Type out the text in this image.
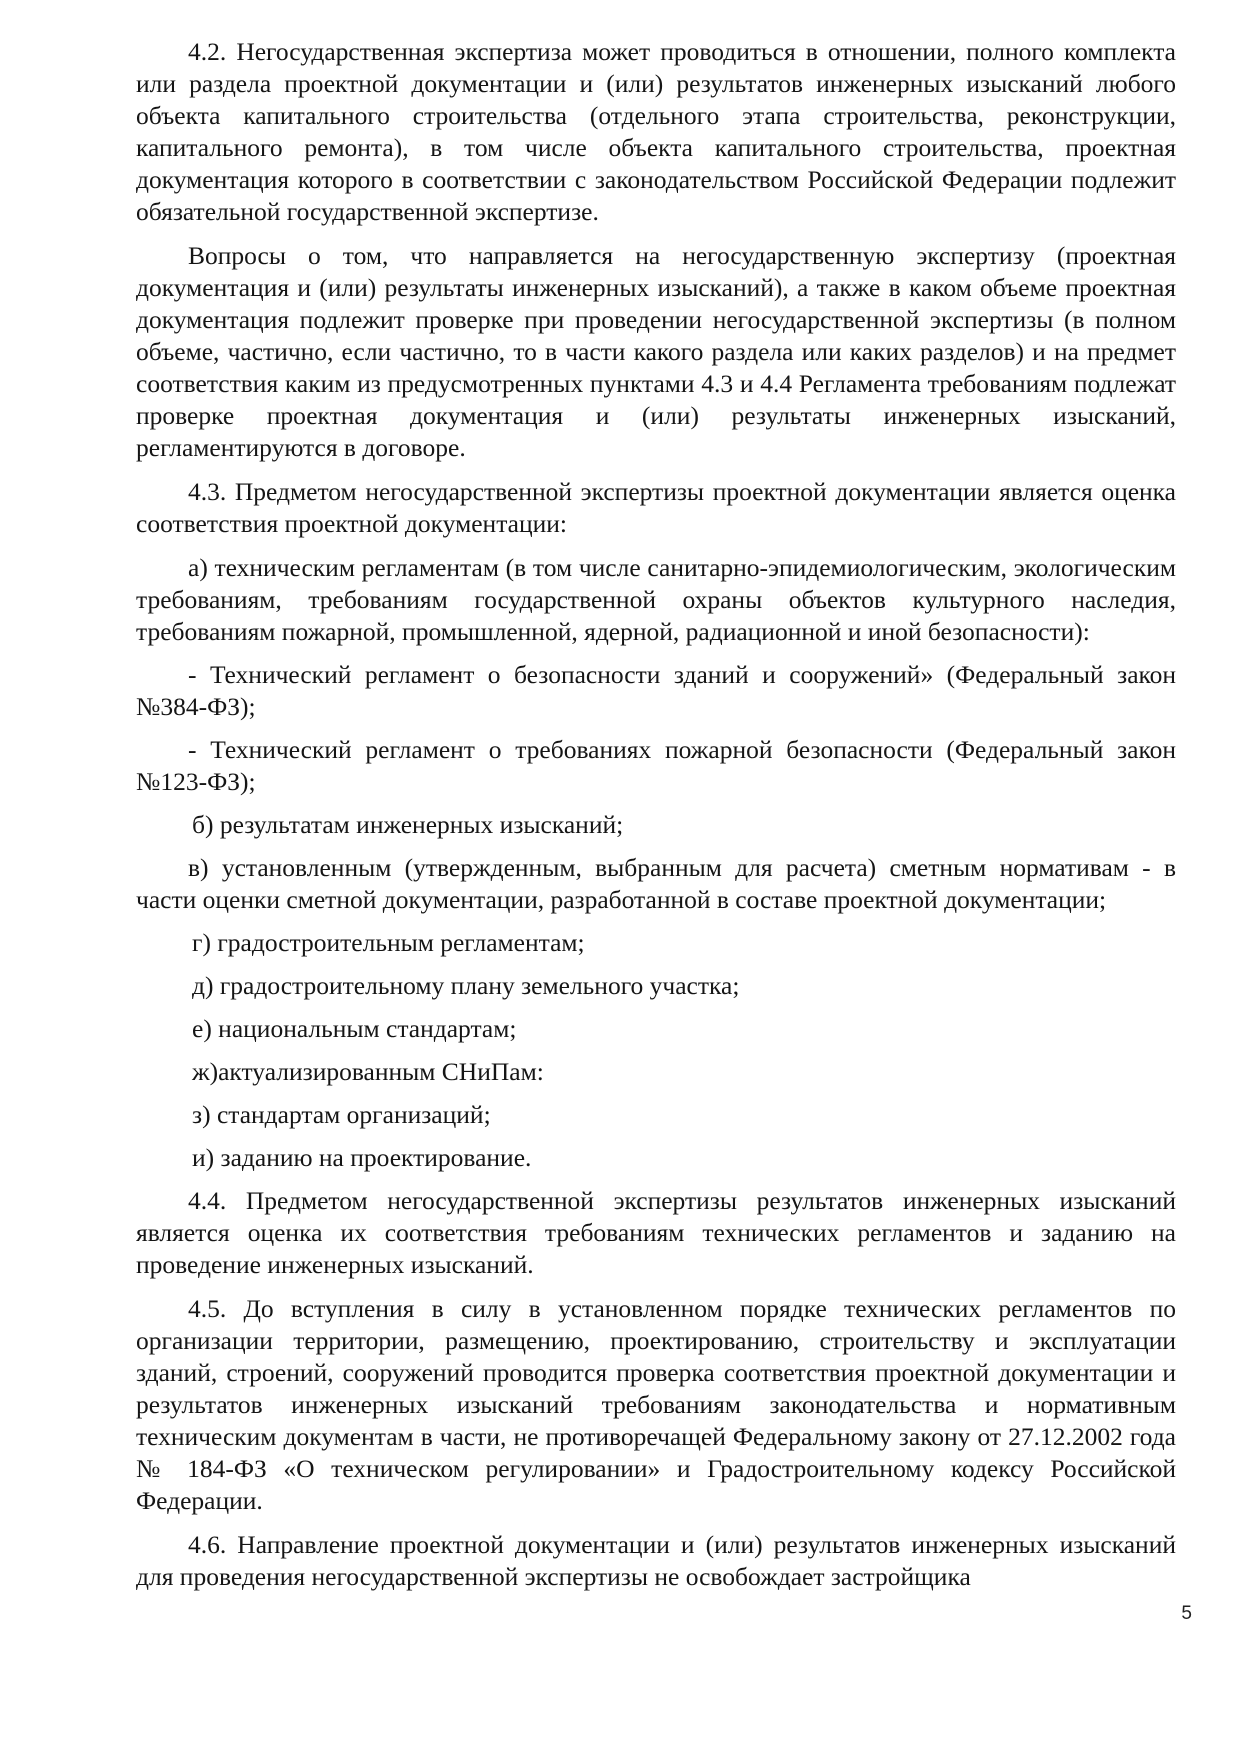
4.2. Негосударственная экспертиза может проводиться в отношении, полного комплекта или раздела проектной документации и (или) результатов инженерных изысканий любого объекта капитального строительства (отдельного этапа строительства, реконструкции, капитального ремонта), в том числе объекта капитального строительства, проектная документация которого в соответствии с законодательством Российской Федерации подлежит обязательной государственной экспертизе.

Вопросы о том, что направляется на негосударственную экспертизу (проектная документация и (или) результаты инженерных изысканий), а также в каком объеме проектная документация подлежит проверке при проведении негосударственной экспертизы (в полном объеме, частично, если частично, то в части какого раздела или каких разделов) и на предмет соответствия каким из предусмотренных пунктами 4.3 и 4.4 Регламента требованиям подлежат проверке проектная документация и (или) результаты инженерных изысканий, регламентируются в договоре.

4.3. Предметом негосударственной экспертизы проектной документации является оценка соответствия проектной документации:

а) техническим регламентам (в том числе санитарно-эпидемиологическим, экологическим требованиям, требованиям государственной охраны объектов культурного наследия, требованиям пожарной, промышленной, ядерной, радиационной и иной безопасности):

- Технический регламент о безопасности зданий и сооружений» (Федеральный закон №384-ФЗ);

- Технический регламент о требованиях пожарной безопасности (Федеральный закон №123-ФЗ);

б) результатам инженерных изысканий;

в) установленным (утвержденным, выбранным для расчета) сметным нормативам - в части оценки сметной документации, разработанной в составе проектной документации;

г) градостроительным регламентам;

д) градостроительному плану земельного участка;

е) национальным стандартам;

ж)актуализированным СНиПам:

з) стандартам организаций;

и) заданию на проектирование.

4.4. Предметом негосударственной экспертизы результатов инженерных изысканий является оценка их соответствия требованиям технических регламентов и заданию на проведение инженерных изысканий.

4.5. До вступления в силу в установленном порядке технических регламентов по организации территории, размещению, проектированию, строительству и эксплуатации зданий, строений, сооружений проводится проверка соответствия проектной документации и результатов инженерных изысканий требованиям законодательства и нормативным техническим документам в части, не противоречащей Федеральному закону от 27.12.2002 года № 184-ФЗ «О техническом регулировании» и Градостроительному кодексу Российской Федерации.

4.6. Направление проектной документации и (или) результатов инженерных изысканий для проведения негосударственной экспертизы не освобождает застройщика

5
